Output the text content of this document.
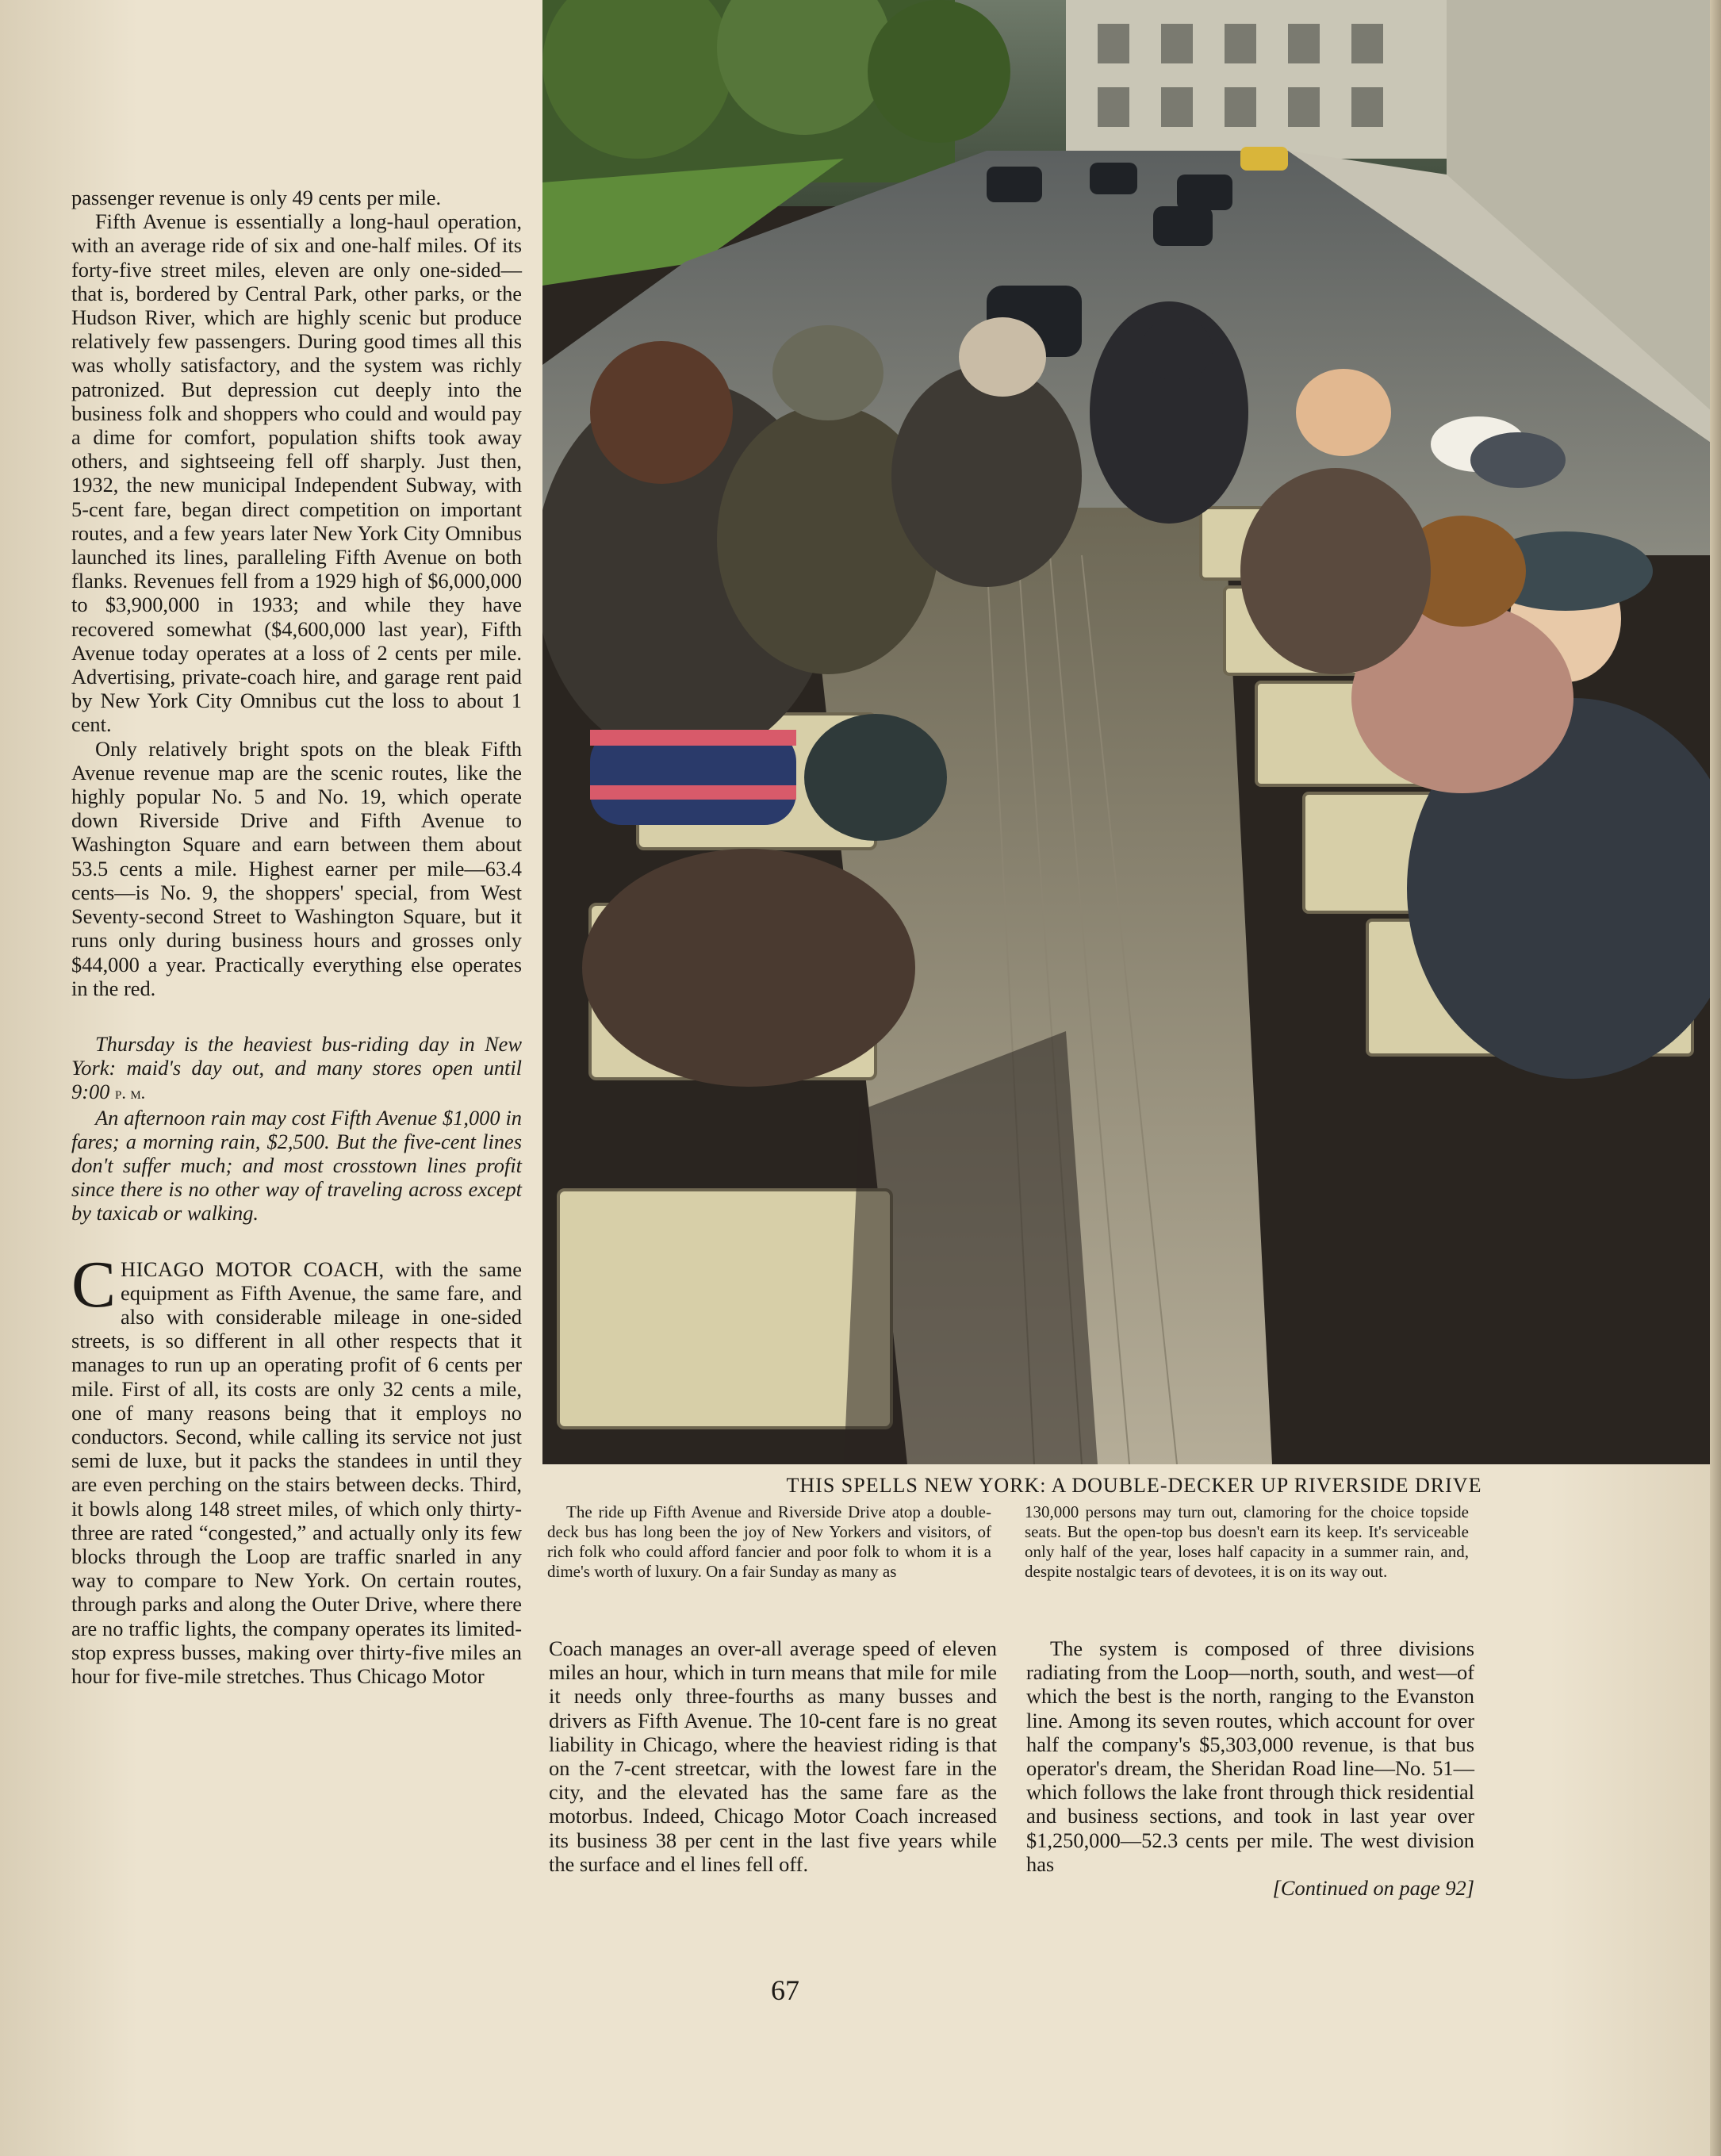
passenger revenue is only 49 cents per mile.

Fifth Avenue is essentially a long-haul operation, with an average ride of six and one-half miles. Of its forty-five street miles, eleven are only one-sided—that is, bordered by Central Park, other parks, or the Hudson River, which are highly scenic but produce relatively few passengers. During good times all this was wholly satisfactory, and the system was richly patronized. But depression cut deeply into the business folk and shoppers who could and would pay a dime for comfort, population shifts took away others, and sightseeing fell off sharply. Just then, 1932, the new municipal Independent Subway, with 5-cent fare, began direct competition on important routes, and a few years later New York City Omnibus launched its lines, paralleling Fifth Avenue on both flanks. Revenues fell from a 1929 high of $6,000,000 to $3,900,000 in 1933; and while they have recovered somewhat ($4,600,000 last year), Fifth Avenue today operates at a loss of 2 cents per mile. Advertising, private-coach hire, and garage rent paid by New York City Omnibus cut the loss to about 1 cent.

Only relatively bright spots on the bleak Fifth Avenue revenue map are the scenic routes, like the highly popular No. 5 and No. 19, which operate down Riverside Drive and Fifth Avenue to Washington Square and earn between them about 53.5 cents a mile. Highest earner per mile—63.4 cents—is No. 9, the shoppers' special, from West Seventy-second Street to Washington Square, but it runs only during business hours and grosses only $44,000 a year. Practically everything else operates in the red.

Thursday is the heaviest bus-riding day in New York: maid's day out, and many stores open until 9:00 p. m.

An afternoon rain may cost Fifth Avenue $1,000 in fares; a morning rain, $2,500. But the five-cent lines don't suffer much; and most crosstown lines profit since there is no other way of traveling across except by taxicab or walking.

CHICAGO MOTOR COACH, with the same equipment as Fifth Avenue, the same fare, and also with considerable mileage in one-sided streets, is so different in all other respects that it manages to run up an operating profit of 6 cents per mile. First of all, its costs are only 32 cents a mile, one of many reasons being that it employs no conductors. Second, while calling its service not just semi de luxe, but it packs the standees in until they are even perching on the stairs between decks. Third, it bowls along 148 street miles, of which only thirty-three are rated “congested,” and actually only its few blocks through the Loop are traffic snarled in any way to compare to New York. On certain routes, through parks and along the Outer Drive, where there are no traffic lights, the company operates its limited-stop express busses, making over thirty-five miles an hour for five-mile stretches. Thus Chicago Motor

THIS SPELLS NEW YORK: A DOUBLE-DECKER UP RIVERSIDE DRIVE

The ride up Fifth Avenue and Riverside Drive atop a double-deck bus has long been the joy of New Yorkers and visitors, of rich folk who could afford fancier and poor folk to whom it is a dime's worth of luxury. On a fair Sunday as many as

130,000 persons may turn out, clamoring for the choice topside seats. But the open-top bus doesn't earn its keep. It's serviceable only half of the year, loses half capacity in a summer rain, and, despite nostalgic tears of devotees, it is on its way out.

Coach manages an over-all average speed of eleven miles an hour, which in turn means that mile for mile it needs only three-fourths as many busses and drivers as Fifth Avenue. The 10-cent fare is no great liability in Chicago, where the heaviest riding is that on the 7-cent streetcar, with the lowest fare in the city, and the elevated has the same fare as the motorbus. Indeed, Chicago Motor Coach increased its business 38 per cent in the last five years while the surface and el lines fell off.

The system is composed of three divisions radiating from the Loop—north, south, and west—of which the best is the north, ranging to the Evanston line. Among its seven routes, which account for over half the company's $5,303,000 revenue, is that bus operator's dream, the Sheridan Road line—No. 51—which follows the lake front through thick residential and business sections, and took in last year over $1,250,000—52.3 cents per mile. The west division has

[Continued on page 92]

67
